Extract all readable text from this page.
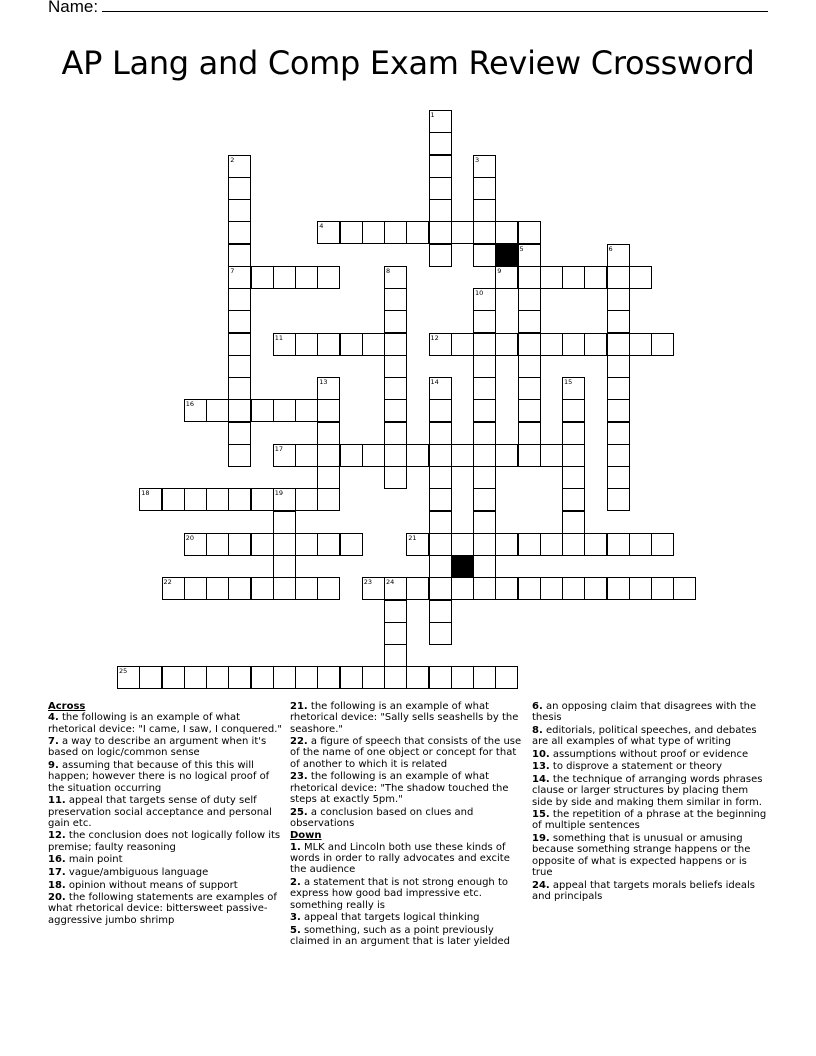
Name:
AP Lang and Comp Exam Review Crossword
1
2
7
3
4
5	6
8	9
10
11	12
13	14	15
16
17
18	19
20	21
22	23 24
25
Across
4. the following is an example of what rhetorical device: "I came, I saw, I conquered."
7. a way to describe an argument when it's based on logic/common sense
9. assuming that because of this this will happen; however there is no logical proof of the situation occurring
11. appeal that targets sense of duty self preservation social acceptance and personal gain etc.
12. the conclusion does not logically follow its premise; faulty reasoning
16. main point
17. vague/ambiguous language
18. opinion without means of support
20. the following statements are examples of what rhetorical device: bittersweet passive-aggressive jumbo shrimp
21. the following is an example of what rhetorical device: "Sally sells seashells by the seashore."
22. a figure of speech that consists of the use of the name of one object or concept for that of another to which it is related
23. the following is an example of what rhetorical device: "The shadow touched the steps at exactly 5pm."
25. a conclusion based on clues and observations
Down
1. MLK and Lincoln both use these kinds of words in order to rally advocates and excite the audience
2. a statement that is not strong enough to express how good bad impressive etc. something really is
3. appeal that targets logical thinking
5. something, such as a point previously claimed in an argument that is later yielded
6. an opposing claim that disagrees with the thesis
8. editorials, political speeches, and debates are all examples of what type of writing
10. assumptions without proof or evidence
13. to disprove a statement or theory
14. the technique of arranging words phrases clause or larger structures by placing them side by side and making them similar in form.
15. the repetition of a phrase at the beginning of multiple sentences
19. something that is unusual or amusing because something strange happens or the opposite of what is expected happens or is true
24. appeal that targets morals beliefs ideals and principals
